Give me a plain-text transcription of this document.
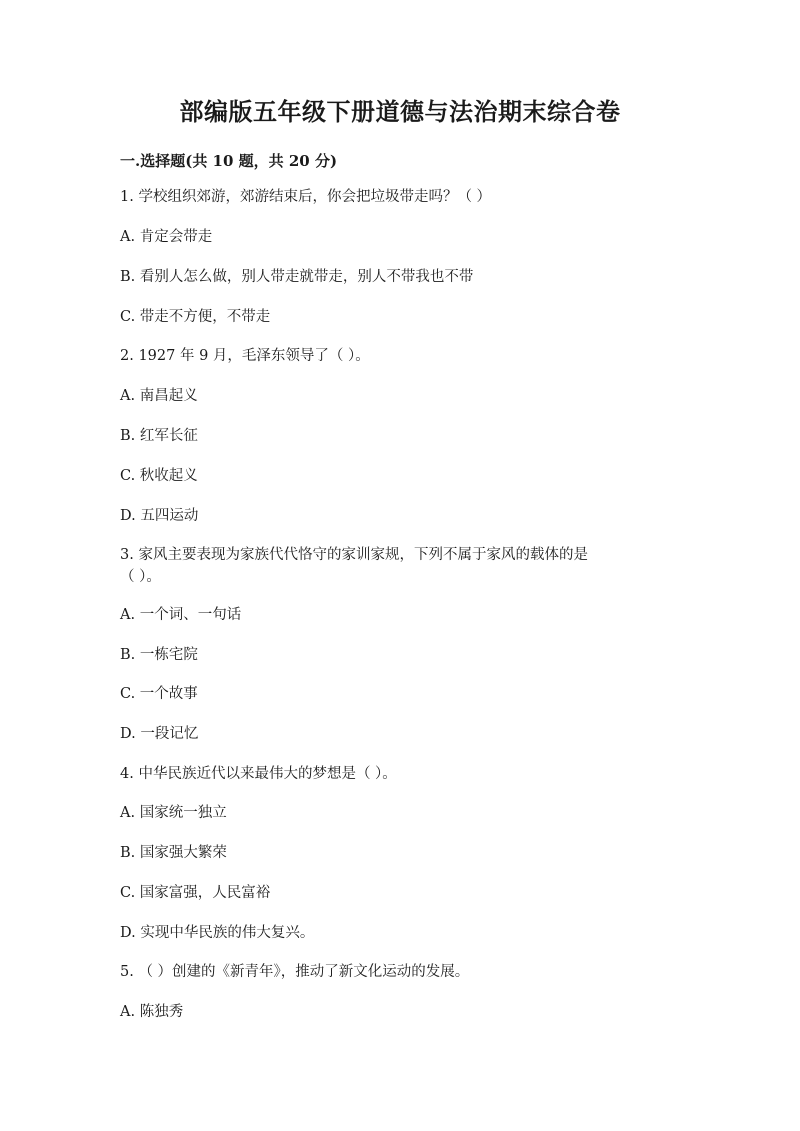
部编版五年级下册道德与法治期末综合卷
一.选择题(共 10 题，共 20 分)
1. 学校组织郊游，郊游结束后，你会把垃圾带走吗？（ ）
A. 肯定会带走
B. 看别人怎么做，别人带走就带走，别人不带我也不带
C. 带走不方便，不带走
2. 1927 年 9 月，毛泽东领导了（ ）。
A. 南昌起义
B. 红军长征
C. 秋收起义
D. 五四运动
3. 家风主要表现为家族代代恪守的家训家规，下列不属于家风的载体的是
（ ）。
A. 一个词、一句话
B. 一栋宅院
C. 一个故事
D. 一段记忆
4. 中华民族近代以来最伟大的梦想是（ ）。
A. 国家统一独立
B. 国家强大繁荣
C. 国家富强，人民富裕
D. 实现中华民族的伟大复兴。
5. （ ）创建的《新青年》，推动了新文化运动的发展。
A. 陈独秀
